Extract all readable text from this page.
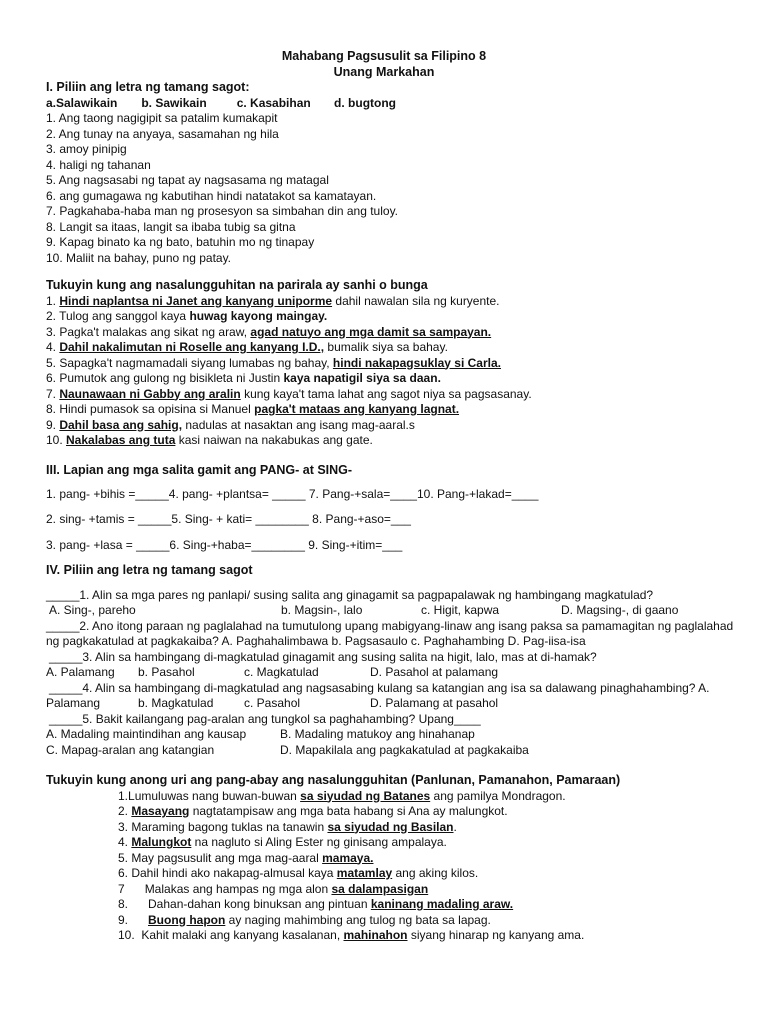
Mahabang Pagsusulit sa Filipino 8
Unang Markahan
I. Piliin ang letra ng tamang sagot:
a.Salawikain b. Sawikain c. Kasabihan d. bugtong
1. Ang taong nagigipit sa patalim kumakapit
2. Ang tunay na anyaya, sasamahan ng hila
3. amoy pinipig
4. haligi ng tahanan
5. Ang nagsasabi ng tapat ay nagsasama ng matagal
6. ang gumagawa ng kabutihan hindi natatakot sa kamatayan.
7. Pagkahaba-haba man ng prosesyon sa simbahan din ang tuloy.
8. Langit sa itaas, langit sa ibaba tubig sa gitna
9. Kapag binato ka ng bato, batuhin mo ng tinapay
10. Maliit na bahay, puno ng patay.
Tukuyin kung ang nasalungguhitan na parirala ay sanhi o bunga
1. Hindi naplantsa ni Janet ang kanyang uniporme dahil nawalan sila ng kuryente.
2. Tulog ang sanggol kaya huwag kayong maingay.
3. Pagka't malakas ang sikat ng araw, agad natuyo ang mga damit sa sampayan.
4. Dahil nakalimutan ni Roselle ang kanyang I.D., bumalik siya sa bahay.
5. Sapagka't nagmamadali siyang lumabas ng bahay, hindi nakapagsuklay si Carla.
6. Pumutok ang gulong ng bisikleta ni Justin kaya napatigil siya sa daan.
7. Naunawaan ni Gabby ang aralin kung kaya't tama lahat ang sagot niya sa pagsasanay.
8. Hindi pumasok sa opisina si Manuel pagka't mataas ang kanyang lagnat.
9. Dahil basa ang sahig, nadulas at nasaktan ang isang mag-aaral.s
10. Nakalabas ang tuta kasi naiwan na nakabukas ang gate.
III. Lapian ang mga salita gamit ang PANG- at SING-
1. pang- +bihis =_____4. pang- +plantsa= _____ 7. Pang-+sala=____10. Pang-+lakad=____
2. sing- +tamis = _____5. Sing- + kati= ________ 8. Pang-+aso=___
3. pang- +lasa = _____6. Sing-+haba=________ 9. Sing-+itim=___
IV. Piliin ang letra ng tamang sagot
_____1. Alin sa mga pares ng panlapi/ susing salita ang ginagamit sa pagpapalawak ng hambingang magkatulad?
A. Sing-, pareho	b. Magsin-, lalo	c. Higit, kapwa	D. Magsing-, di gaano
_____2. Ano itong paraan ng paglalahad na tumutulong upang mabigyang-linaw ang isang paksa sa pamamagitan ng paglalahad
ng pagkakatulad at pagkakaiba? A. Paghahalimbawa b. Pagsasaulo c. Paghahambing D. Pag-iisa-isa
_____3. Alin sa hambingang di-magkatulad ginagamit ang susing salita na higit, lalo, mas at di-hamak?
A. Palamang b. Pasahol	c. Magkatulad	D. Pasahol at palamang
_____4. Alin sa hambingang di-magkatulad ang nagsasabing kulang sa katangian ang isa sa dalawang pinaghahambing? A.
Palamang	b. Magkatulad	c. Pasahol	D. Palamang at pasahol
_____5. Bakit kailangang pag-aralan ang tungkol sa paghahambing? Upang____
A. Madaling maintindihan ang kausap	B. Madaling matukoy ang hinahanap
C. Mapag-aralan ang katangian	D. Mapakilala ang pagkakatulad at pagkakaiba
Tukuyin kung anong uri ang pang-abay ang nasalungguhitan (Panlunan, Pamanahon, Pamaraan)
1.Lumuluwas nang buwan-buwan sa siyudad ng Batanes ang pamilya Mondragon.
2. Masayang nagtatampisaw ang mga bata habang si Ana ay malungkot.
3. Maraming bagong tuklas na tanawin sa siyudad ng Basilan.
4. Malungkot na nagluto si Aling Ester ng ginisang ampalaya.
5. May pagsusulit ang mga mag-aaral mamaya.
6. Dahil hindi ako nakapag-almusal kaya matamlay ang aking kilos.
7      Malakas ang hampas ng mga alon sa dalampasigan
8.      Dahan-dahan kong binuksan ang pintuan kaninang madaling araw.
9.      Buong hapon ay naging mahimbing ang tulog ng bata sa lapag.
10.  Kahit malaki ang kanyang kasalanan, mahinahon siyang hinarap ng kanyang ama.
